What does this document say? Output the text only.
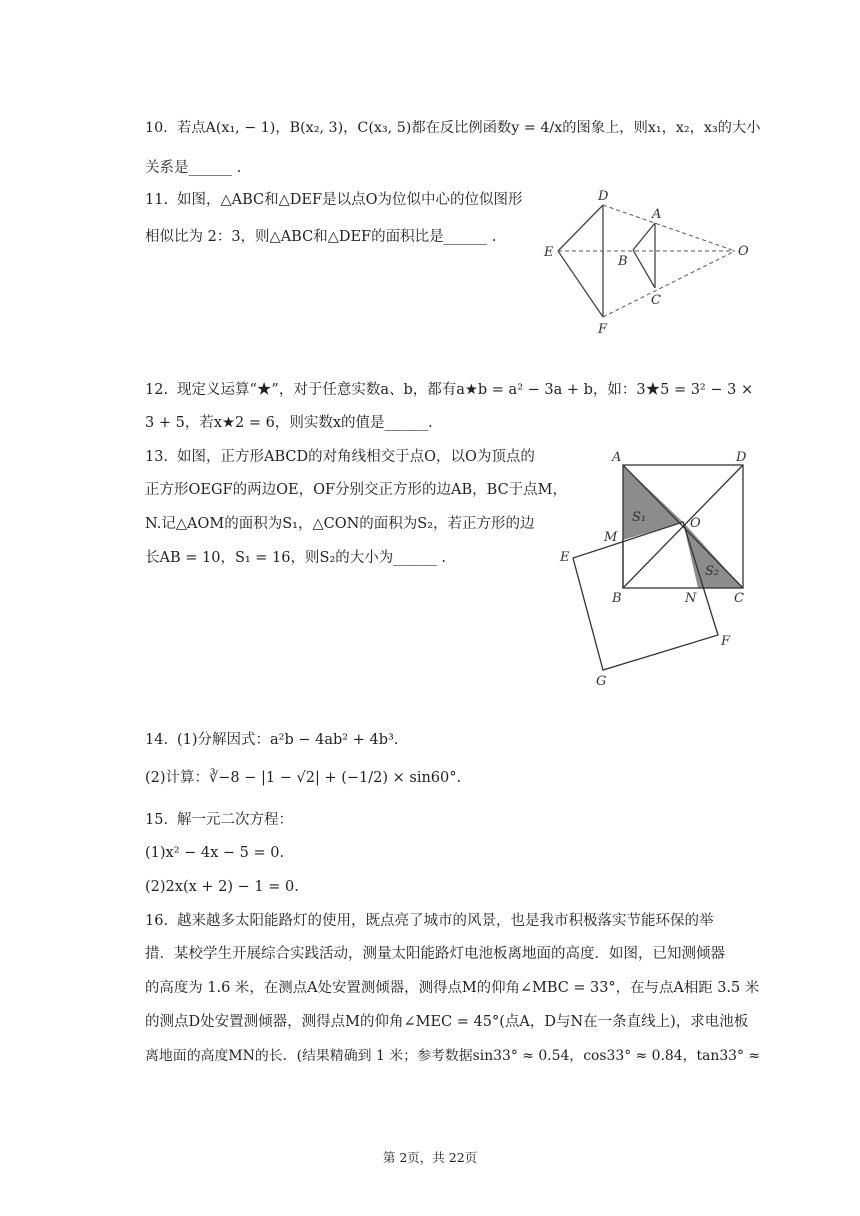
10. 若点A(x₁, − 1)，B(x₂, 3)，C(x₃, 5)都在反比例函数y = 4/x的图象上，则x₁，x₂，x₃的大小
关系是______ .
11. 如图，△ABC和△DEF是以点O为位似中心的位似图形
相似比为 2：3，则△ABC和△DEF的面积比是______ .
D
A
E
B
O
C
F
12. 现定义运算“★”，对于任意实数a、b，都有a★b = a² − 3a + b，如：3★5 = 3² − 3 ×
3 + 5，若x★2 = 6，则实数x的值是______.
13. 如图，正方形ABCD的对角线相交于点O，以O为顶点的
正方形OEGF的两边OE，OF分别交正方形的边AB，BC于点M，
N.记△AOM的面积为S₁，△CON的面积为S₂，若正方形的边
长AB = 10，S₁ = 16，则S₂的大小为______ .
A	D
M
O
S₁
E
S₂
B	N	C
F
G
14. (1)分解因式：a²b − 4ab² + 4b³.
(2)计算：∛−8 − |1 − √2| + (−1/2) × sin60°.
15. 解一元二次方程：
(1)x² − 4x − 5 = 0.
(2)2x(x + 2) − 1 = 0.
16. 越来越多太阳能路灯的使用，既点亮了城市的风景，也是我市积极落实节能环保的举
措．某校学生开展综合实践活动，测量太阳能路灯电池板离地面的高度．如图，已知测倾器
的高度为 1.6 米，在测点A处安置测倾器，测得点M的仰角∠MBC = 33°，在与点A相距 3.5 米
的测点D处安置测倾器，测得点M的仰角∠MEC = 45°(点A，D与N在一条直线上)，求电池板
离地面的高度MN的长．(结果精确到 1 米；参考数据sin33° ≈ 0.54，cos33° ≈ 0.84，tan33° ≈
第 2页，共 22页
